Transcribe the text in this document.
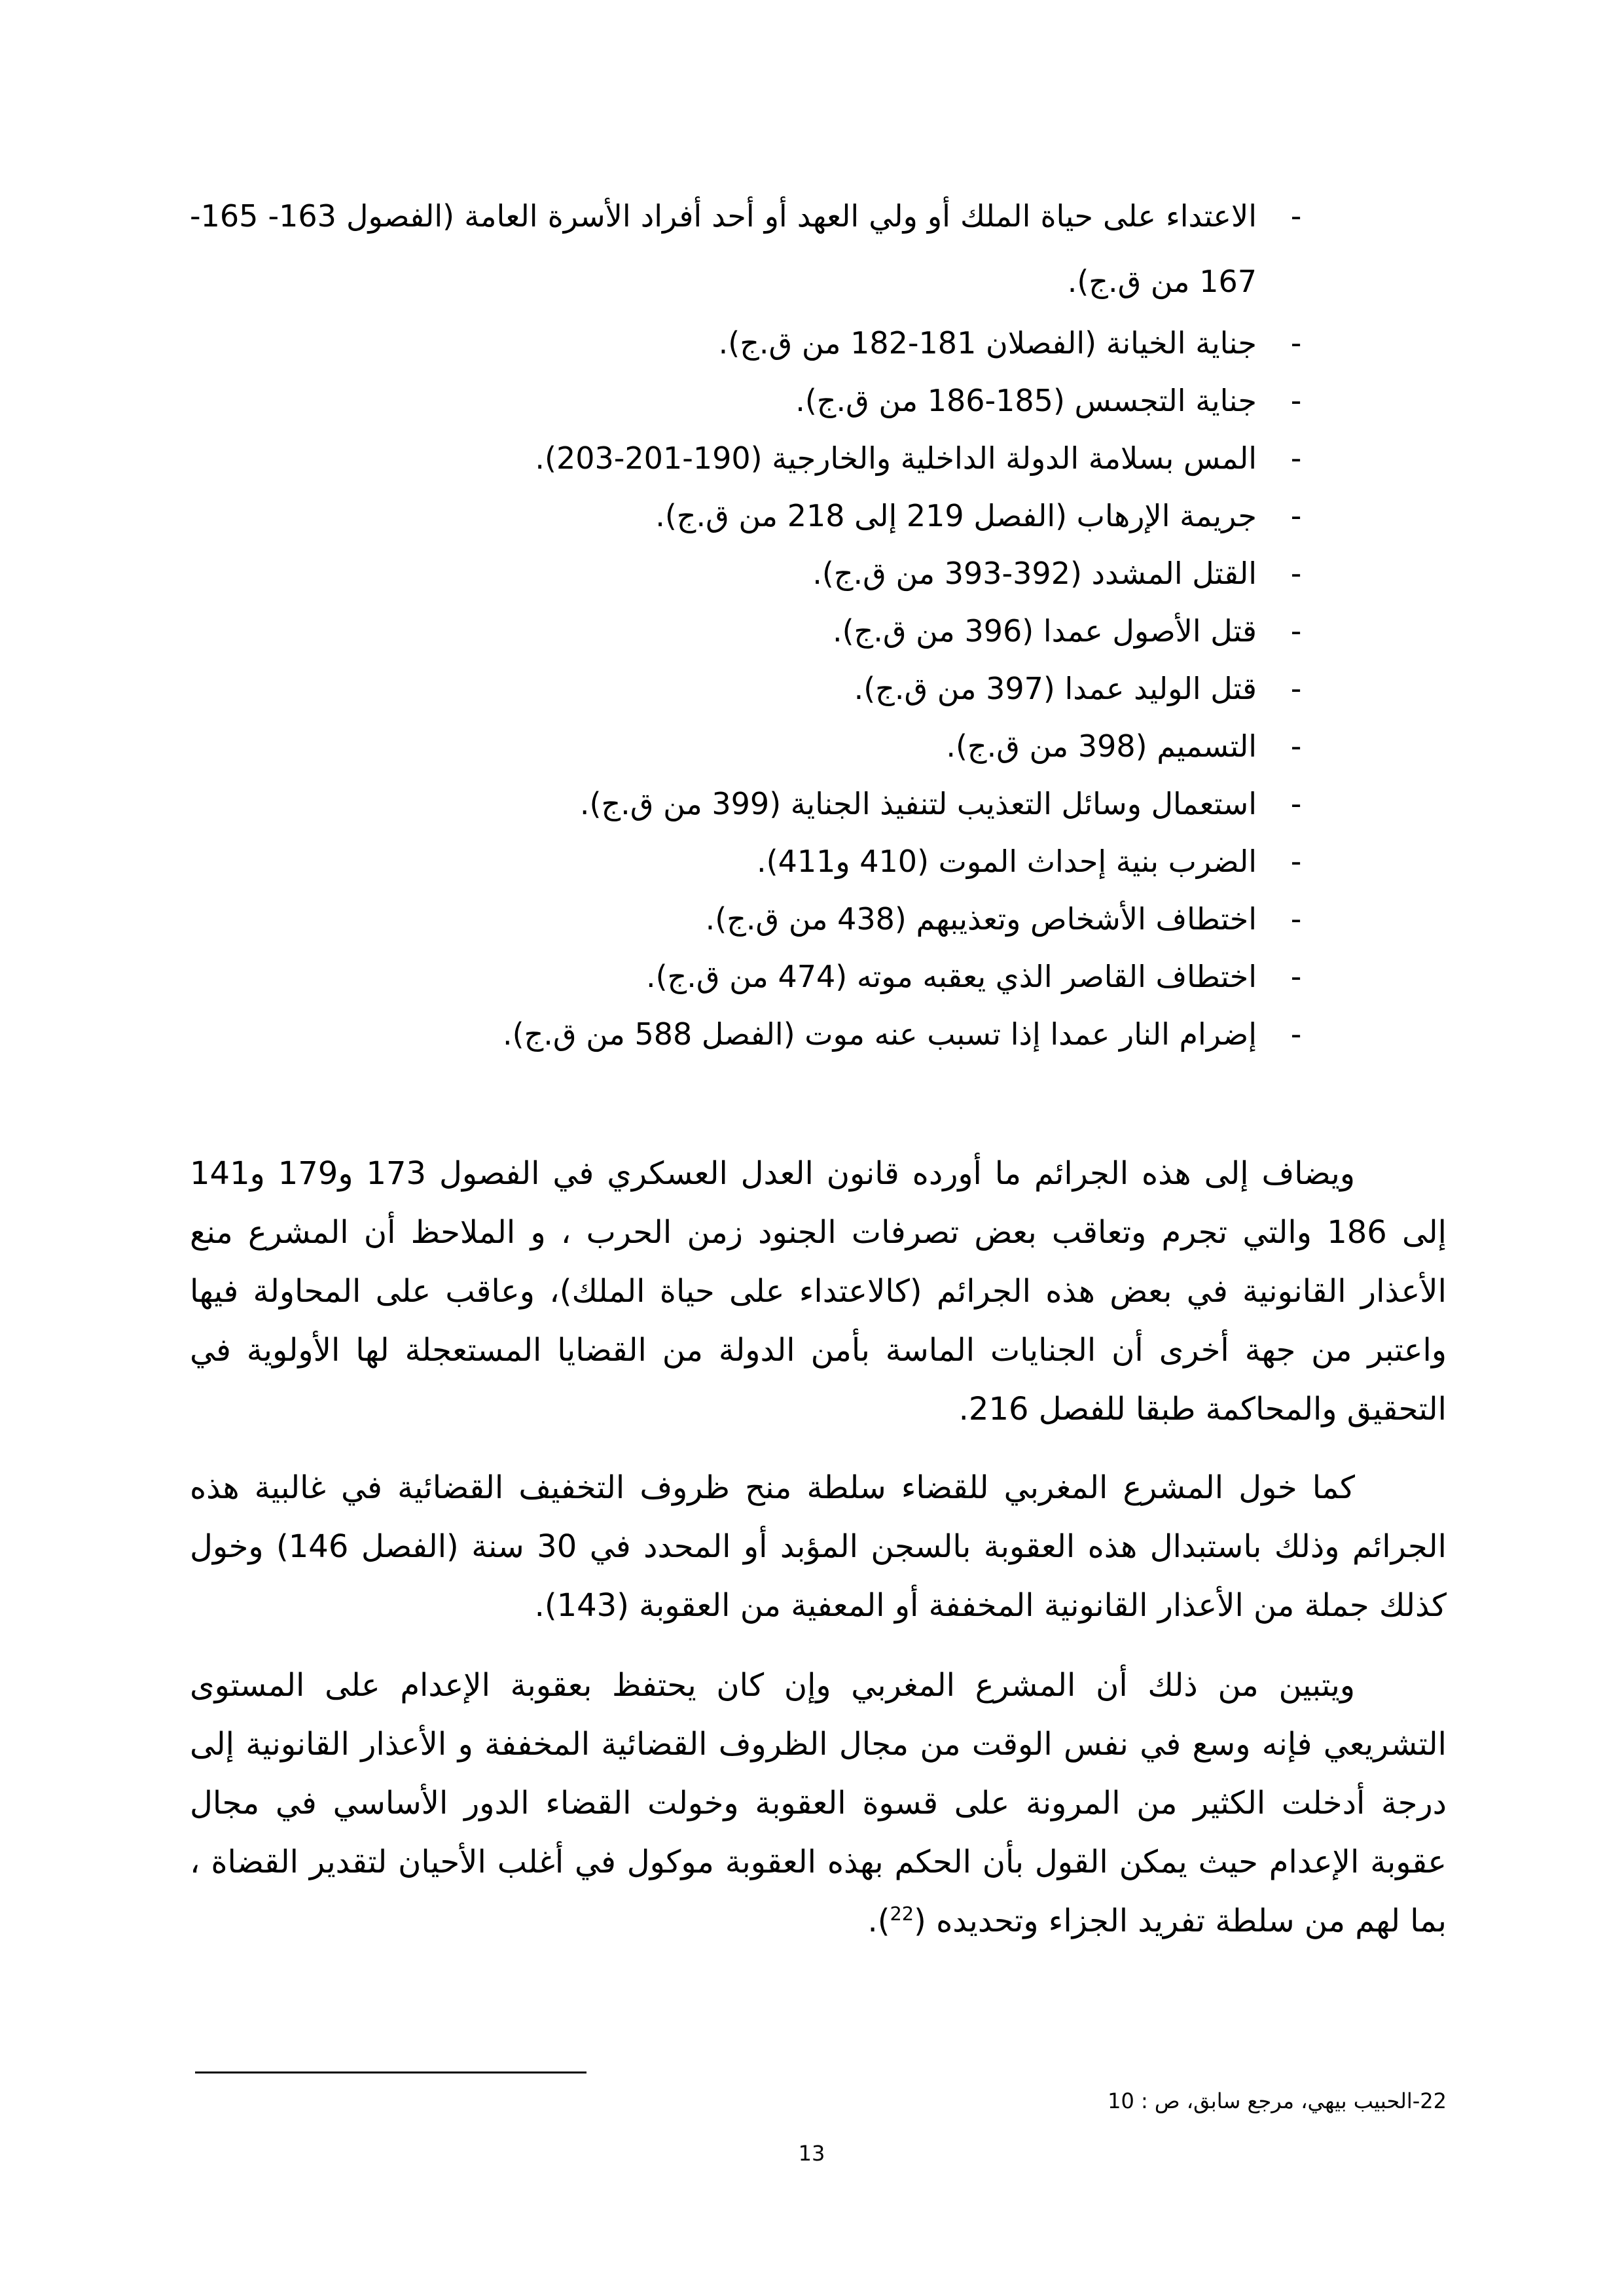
-
الاعتداء على حياة الملك أو ولي العهد أو أحد أفراد الأسرة العامة (الفصول 163- 165-167 من ق.ج).
-
جناية الخيانة (الفصلان 181-182 من ق.ج).
-
جناية التجسس (185-186 من ق.ج).
-
المس بسلامة الدولة الداخلية والخارجية (190-201-203).
-
جريمة الإرهاب (الفصل 219 إلى 218 من ق.ج).
-
القتل المشدد (392-393 من ق.ج).
-
قتل الأصول عمدا (396 من ق.ج).
-
قتل الوليد عمدا (397 من ق.ج).
-
التسميم (398 من ق.ج).
-
استعمال وسائل التعذيب لتنفيذ الجناية (399 من ق.ج).
-
الضرب بنية إحداث الموت (410 و411).
-
اختطاف الأشخاص وتعذيبهم (438 من ق.ج).
-
اختطاف القاصر الذي يعقبه موته (474 من ق.ج).
-
إضرام النار عمدا إذا تسبب عنه موت (الفصل 588 من ق.ج).

ويضاف إلى هذه الجرائم ما أورده قانون العدل العسكري في الفصول 173 و179 و141 إلى 186 والتي تجرم وتعاقب بعض تصرفات الجنود زمن الحرب ، و الملاحظ أن المشرع منع الأعذار القانونية في بعض هذه الجرائم (كالاعتداء على حياة الملك)، وعاقب على المحاولة فيها واعتبر من جهة أخرى أن الجنايات الماسة بأمن الدولة من القضايا المستعجلة لها الأولوية في التحقيق والمحاكمة طبقا للفصل 216.

كما خول المشرع المغربي للقضاء سلطة منح ظروف التخفيف القضائية في غالبية هذه الجرائم وذلك باستبدال هذه العقوبة بالسجن المؤبد أو المحدد في 30 سنة (الفصل 146) وخول كذلك جملة من الأعذار القانونية المخففة أو المعفية من العقوبة (143).

ويتبين من ذلك أن المشرع المغربي وإن كان يحتفظ بعقوبة الإعدام على المستوى التشريعي فإنه وسع في نفس الوقت من مجال الظروف القضائية المخففة و الأعذار القانونية إلى درجة أدخلت الكثير من المرونة على قسوة العقوبة وخولت القضاء الدور الأساسي في مجال عقوبة الإعدام حيث يمكن القول بأن الحكم بهذه العقوبة موكول في أغلب الأحيان لتقدير القضاة ، بما لهم من سلطة تفريد الجزاء وتحديده ($^{22}$).

22-الحبيب بيهي، مرجع سابق، ص : 10

13
